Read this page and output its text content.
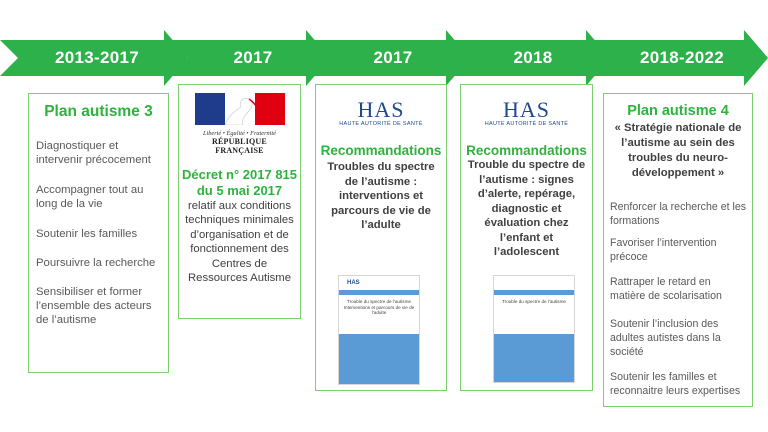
2013-2017	2017	2017	2018	2018-2022
Plan autisme 3
Diagnostiquer et intervenir précocement
Accompagner tout au long de la vie
Soutenir les familles
Poursuivre la recherche
Sensibiliser et former l’ensemble des acteurs de l’autisme
Liberté • Égalité • Fraternité
RÉPUBLIQUE FRANÇAISE
Décret n° 2017 815
du 5 mai 2017
relatif aux conditions techniques minimales d’organisation et de fonctionnement des Centres de Ressources Autisme
HAS
HAUTE AUTORITÉ DE SANTÉ
Recommandations
Troubles du spectre de l’autisme : interventions et parcours de vie de l’adulte
HAS
Trouble du spectre de l’autisme Interventions et parcours de vie de l’adulte
HAS
HAUTE AUTORITÉ DE SANTÉ
Recommandations
Trouble du spectre de l’autisme : signes d’alerte, repérage, diagnostic et évaluation chez l’enfant et l’adolescent
Trouble du spectre de l’autisme
Plan autisme 4
« Stratégie nationale de l’autisme au sein des troubles du neuro-développement »
Renforcer la recherche et les formations
Favoriser l’intervention précoce
Rattraper le retard en matière de scolarisation
Soutenir l’inclusion des adultes autistes dans la société
Soutenir les familles et reconnaitre leurs expertises
